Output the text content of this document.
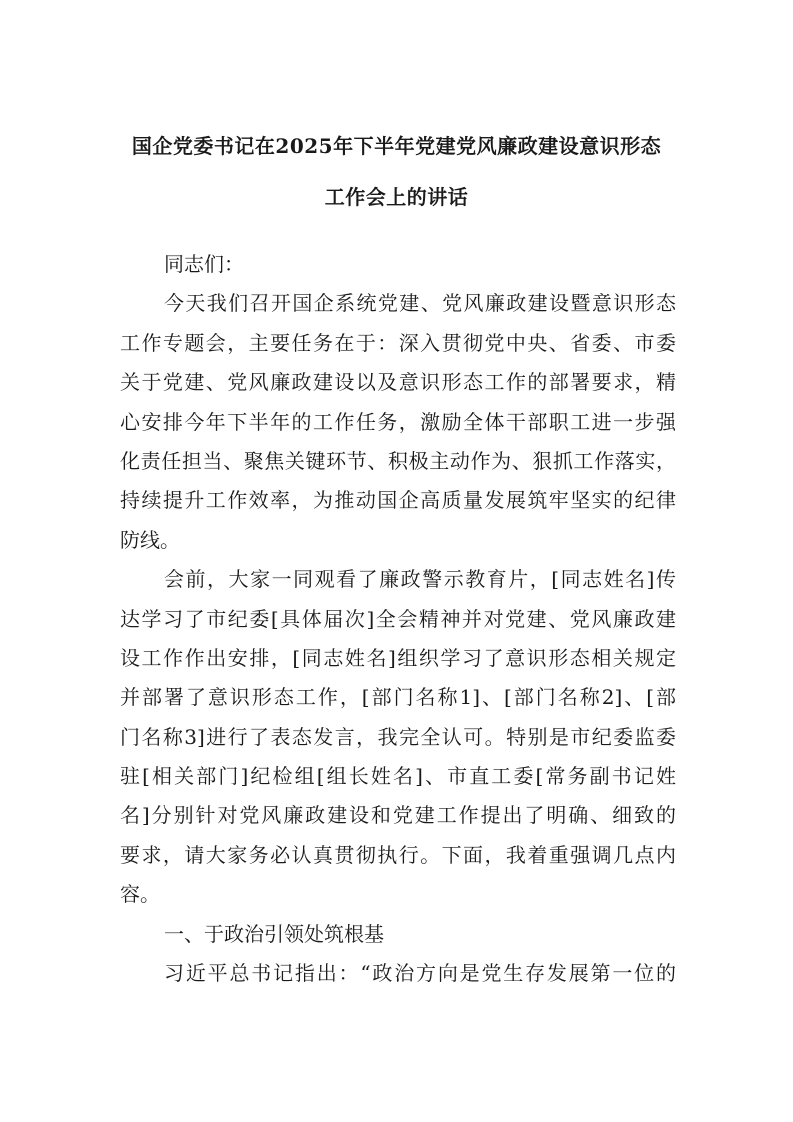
国企党委书记在2025年下半年党建党风廉政建设意识形态
工作会上的讲话
同志们：
今天我们召开国企系统党建、党风廉政建设暨意识形态
工作专题会，主要任务在于：深入贯彻党中央、省委、市委
关于党建、党风廉政建设以及意识形态工作的部署要求，精
心安排今年下半年的工作任务，激励全体干部职工进一步强
化责任担当、聚焦关键环节、积极主动作为、狠抓工作落实，
持续提升工作效率，为推动国企高质量发展筑牢坚实的纪律
防线。
会前，大家一同观看了廉政警示教育片，[同志姓名]传
达学习了市纪委[具体届次]全会精神并对党建、党风廉政建
设工作作出安排，[同志姓名]组织学习了意识形态相关规定
并部署了意识形态工作，[部门名称1]、[部门名称2]、[部
门名称3]进行了表态发言，我完全认可。特别是市纪委监委
驻[相关部门]纪检组[组长姓名]、市直工委[常务副书记姓
名]分别针对党风廉政建设和党建工作提出了明确、细致的
要求，请大家务必认真贯彻执行。下面，我着重强调几点内
容。
一、于政治引领处筑根基
习近平总书记指出：“政治方向是党生存发展第一位的
